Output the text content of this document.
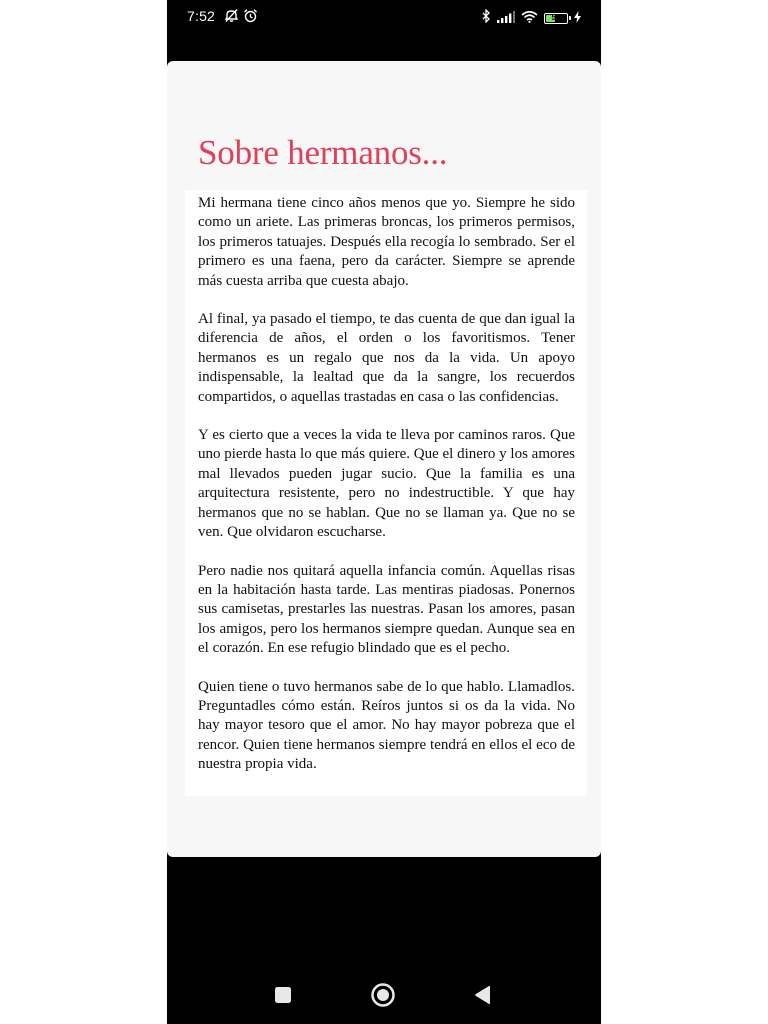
7:52	52
Sobre hermanos...

Mi hermana tiene cinco años menos que yo. Siempre he sido como un ariete. Las primeras broncas, los primeros permisos, los primeros tatuajes. Después ella recogía lo sembrado. Ser el primero es una faena, pero da carácter. Siempre se aprende más cuesta arriba que cuesta abajo.

Al final, ya pasado el tiempo, te das cuenta de que dan igual la diferencia de años, el orden o los favoritismos. Tener hermanos es un regalo que nos da la vida. Un apoyo indispensable, la lealtad que da la sangre, los recuerdos compartidos, o aquellas trastadas en casa o las confidencias.

Y es cierto que a veces la vida te lleva por caminos raros. Que uno pierde hasta lo que más quiere. Que el dinero y los amores mal llevados pueden jugar sucio. Que la familia es una arquitectura resistente, pero no indestructible. Y que hay hermanos que no se hablan. Que no se llaman ya. Que no se ven. Que olvidaron escucharse.

Pero nadie nos quitará aquella infancia común. Aquellas risas en la habitación hasta tarde. Las mentiras piadosas. Ponernos sus camisetas, prestarles las nuestras. Pasan los amores, pasan los amigos, pero los hermanos siempre quedan. Aunque sea en el corazón. En ese refugio blindado que es el pecho.

Quien tiene o tuvo hermanos sabe de lo que hablo. Llamadlos. Preguntadles cómo están. Reíros juntos si os da la vida. No hay mayor tesoro que el amor. No hay mayor pobreza que el rencor. Quien tiene hermanos siempre tendrá en ellos el eco de nuestra propia vida.
